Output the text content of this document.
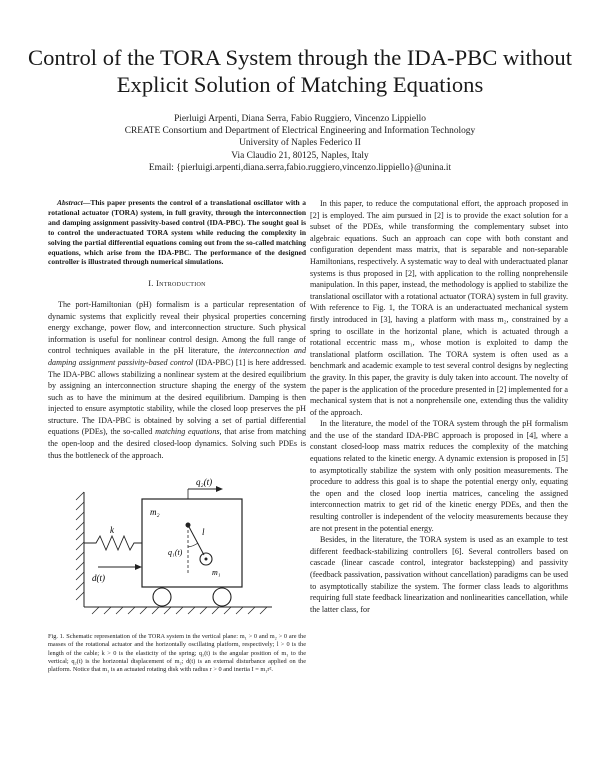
Control of the TORA System through the IDA-PBC without Explicit Solution of Matching Equations
Pierluigi Arpenti, Diana Serra, Fabio Ruggiero, Vincenzo Lippiello
CREATE Consortium and Department of Electrical Engineering and Information Technology
University of Naples Federico II
Via Claudio 21, 80125, Naples, Italy
Email: {pierluigi.arpenti,diana.serra,fabio.ruggiero,vincenzo.lippiello}@unina.it

Abstract—This paper presents the control of a translational oscillator with a rotational actuator (TORA) system, in full gravity, through the interconnection and damping assignment passivity-based control (IDA-PBC). The sought goal is to control the underactuated TORA system while reducing the complexity in solving the partial differential equations coming out from the so-called matching equations, which arise from the IDA-PBC. The performance of the designed controller is illustrated through numerical simulations.

I. Introduction

The port-Hamiltonian (pH) formalism is a particular representation of dynamic systems that explicitly reveal their physical properties concerning energy exchange, power flow, and interconnection structure. Such physical information is useful for nonlinear control design. Among the full range of control techniques available in the pH literature, the interconnection and damping assignment passivity-based control (IDA-PBC) [1] is here addressed. The IDA-PBC allows stabilizing a nonlinear system at the desired equilibrium by assigning an interconnection structure shaping the energy of the system such as to have the minimum at the desired equilibrium. Damping is then injected to ensure asymptotic stability, while the closed loop preserves the pH structure. The IDA-PBC is obtained by solving a set of partial differential equations (PDEs), the so-called matching equations, that arise from matching the open-loop and the desired closed-loop dynamics. Solving such PDEs is thus the bottleneck of the approach.

q₂(t)
m₂
k	l
q₁(t)
m₁
d(t)

Fig. 1. Schematic representation of the TORA system in the vertical plane: m₁ > 0 and m₂ > 0 are the masses of the rotational actuator and the horizontally oscillating platform, respectively; l > 0 is the length of the cable; k > 0 is the elasticity of the spring; q₁(t) is the angular position of m₁ to the vertical; q₂(t) is the horizontal displacement of m₂; d(t) is an external disturbance applied on the platform. Notice that m₁ is an actuated rotating disk with radius r > 0 and inertia I = m₁r².

In this paper, to reduce the computational effort, the approach proposed in [2] is employed. The aim pursued in [2] is to provide the exact solution for a subset of the PDEs, while transforming the complementary subset into algebraic equations. Such an approach can cope with both constant and configuration dependent mass matrix, that is separable and non-separable Hamiltonians, respectively. A systematic way to deal with underactuated planar systems is thus proposed in [2], with application to the rolling nonprehensile manipulation. In this paper, instead, the methodology is applied to stabilize the translational oscillator with a rotational actuator (TORA) system in full gravity. With reference to Fig. 1, the TORA is an underactuated mechanical system firstly introduced in [3], having a platform with mass m₂, constrained by a spring to oscillate in the horizontal plane, which is actuated through a rotational eccentric mass m₁, whose motion is exploited to damp the translational platform oscillation. The TORA system is often used as a benchmark and academic example to test several control designs by neglecting the gravity. In this paper, the gravity is duly taken into account. The novelty of the paper is the application of the procedure presented in [2] implemented for a mechanical system that is not a nonprehensile one, extending thus the validity of the approach.

In the literature, the model of the TORA system through the pH formalism and the use of the standard IDA-PBC approach is proposed in [4], where a constant closed-loop mass matrix reduces the complexity of the matching equations related to the kinetic energy. A dynamic extension is proposed in [5] to asymptotically stabilize the system with only position measurements. The procedure to address this goal is to shape the potential energy only, equating the open and the closed loop inertia matrices, canceling the assigned interconnection matrix to get rid of the kinetic energy PDEs, and then the resulting controller is independent of the velocity measurements because they are not present in the potential energy.

Besides, in the literature, the TORA system is used as an example to test different feedback-stabilizing controllers [6]. Several controllers based on cascade (linear cascade control, integrator backstepping) and passivity (feedback passivation, passivation without cancellation) paradigms can be used to asymptotically stabilize the system. The former class leads to algorithms requiring full state feedback linearization and nonlinearities cancellation, while the latter class, for
